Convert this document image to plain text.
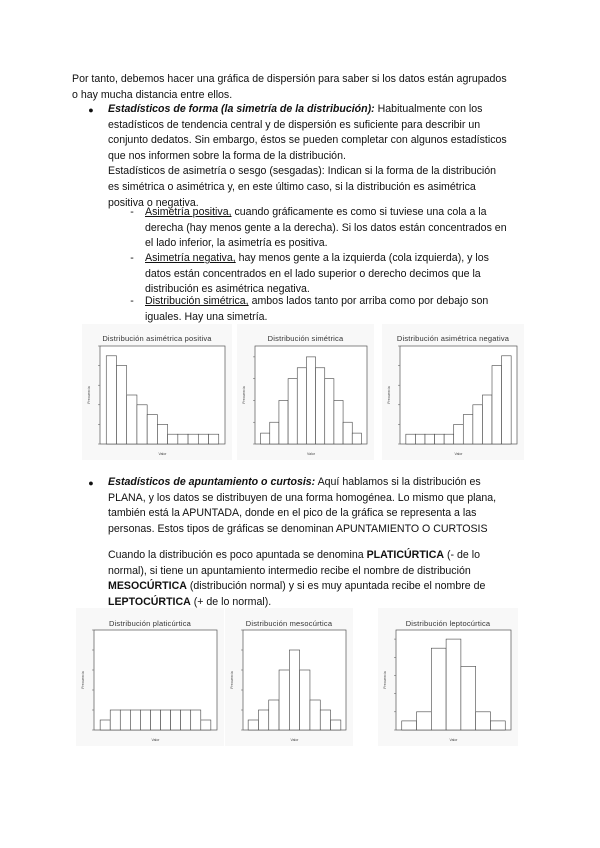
Por tanto, debemos hacer una gráfica de dispersión para saber si los datos están agrupados

o hay mucha distancia entre ellos.

● Estadísticos de forma (la simetría de la distribución): Habitualmente con los

estadísticos de tendencia central y de dispersión es suficiente para describir un

conjunto dedatos. Sin embargo, éstos se pueden completar con algunos estadísticos

que nos informen sobre la forma de la distribución.

Estadísticos de asimetría o sesgo (sesgadas): Indican si la forma de la distribución

es simétrica o asimétrica y, en este último caso, si la distribución es asimétrica

positiva o negativa.

-	Asimetría positiva, cuando gráficamente es como si tuviese una cola a la

derecha (hay menos gente a la derecha). Si los datos están concentrados en

el lado inferior, la asimetría es positiva.

-	Asimetría negativa, hay menos gente a la izquierda (cola izquierda), y los

datos están concentrados en el lado superior o derecho decimos que la

distribución es asimétrica negativa.

-	Distribución simétrica, ambos lados tanto por arriba como por debajo son

iguales. Hay una simetría.

Distribución asimétrica positiva
Valor
Frecuencia
Distribución simétrica
Valor
Frecuencia
Distribución asimétrica negativa
Valor
Frecuencia
● Estadísticos de apuntamiento o curtosis: Aquí hablamos si la distribución es

PLANA, y los datos se distribuyen de una forma homogénea. Lo mismo que plana,

también está la APUNTADA, donde en el pico de la gráfica se representa a las

personas. Estos tipos de gráficas se denominan APUNTAMIENTO O CURTOSIS

Cuando la distribución es poco apuntada se denomina PLATICÚRTICA (- de lo

normal), si tiene un apuntamiento intermedio recibe el nombre de distribución

MESOCÚRTICA (distribución normal) y si es muy apuntada recibe el nombre de

LEPTOCÚRTICA (+ de lo normal).

Distribución platicúrtica
Valor
Frecuencia
Distribución mesocúrtica
Valor
Frecuencia
Distribución leptocúrtica
Valor
Frecuencia
